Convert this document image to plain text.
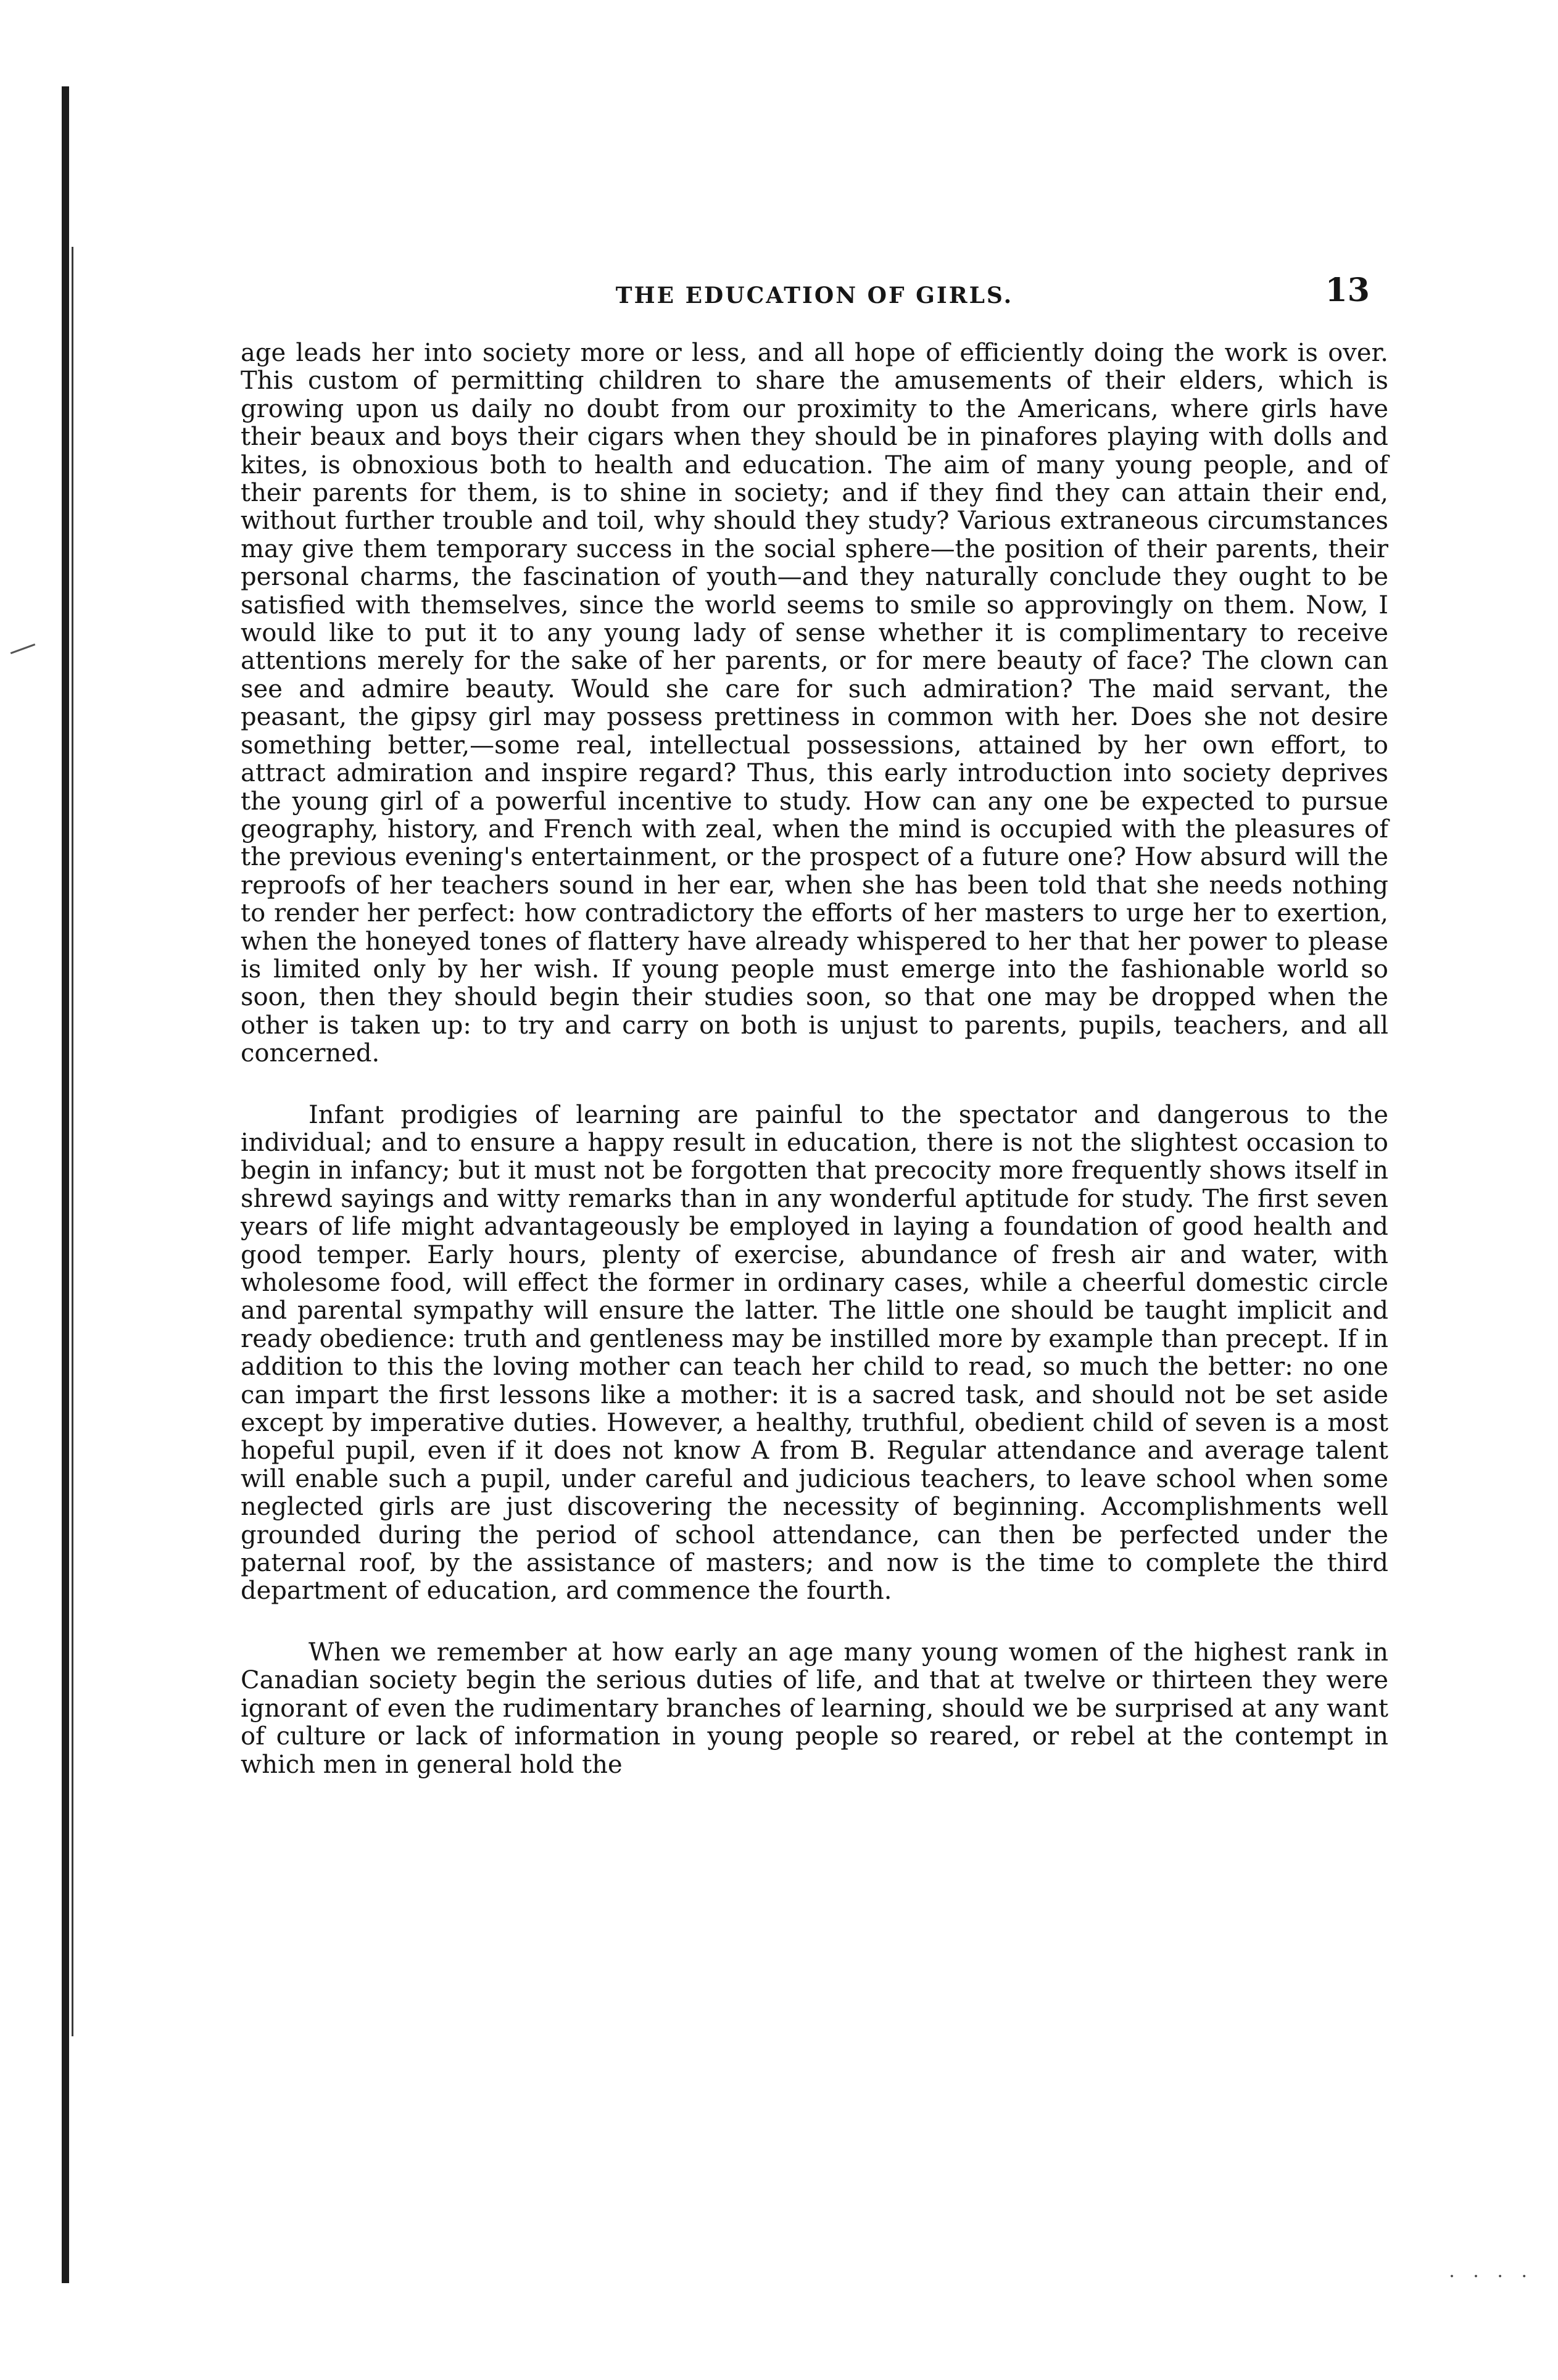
THE EDUCATION OF GIRLS.	13

age leads her into society more or less, and all hope of efficiently doing the work is over. This custom of permitting children to share the amusements of their elders, which is growing upon us daily no doubt from our proximity to the Americans, where girls have their beaux and boys their cigars when they should be in pinafores playing with dolls and kites, is obnoxious both to health and education. The aim of many young people, and of their parents for them, is to shine in society; and if they find they can attain their end, without further trouble and toil, why should they study? Various extraneous circumstances may give them temporary success in the social sphere—the position of their parents, their personal charms, the fascination of youth—and they naturally conclude they ought to be satisfied with themselves, since the world seems to smile so approvingly on them. Now, I would like to put it to any young lady of sense whether it is complimentary to receive attentions merely for the sake of her parents, or for mere beauty of face? The clown can see and admire beauty. Would she care for such admiration? The maid servant, the peasant, the gipsy girl may possess prettiness in common with her. Does she not desire something better,—some real, intellectual possessions, attained by her own effort, to attract admiration and inspire regard? Thus, this early introduction into society deprives the young girl of a powerful incentive to study. How can any one be expected to pursue geography, history, and French with zeal, when the mind is occupied with the pleasures of the previous evening's entertainment, or the prospect of a future one? How absurd will the reproofs of her teachers sound in her ear, when she has been told that she needs nothing to render her perfect: how contradictory the efforts of her masters to urge her to exertion, when the honeyed tones of flattery have already whispered to her that her power to please is limited only by her wish. If young people must emerge into the fashionable world so soon, then they should begin their studies soon, so that one may be dropped when the other is taken up: to try and carry on both is unjust to parents, pupils, teachers, and all concerned.

Infant prodigies of learning are painful to the spectator and dangerous to the individual; and to ensure a happy result in education, there is not the slightest occasion to begin in infancy; but it must not be forgotten that precocity more frequently shows itself in shrewd sayings and witty remarks than in any wonderful aptitude for study. The first seven years of life might advantageously be employed in laying a foundation of good health and good temper. Early hours, plenty of exercise, abundance of fresh air and water, with wholesome food, will effect the former in ordinary cases, while a cheerful domestic circle and parental sympathy will ensure the latter. The little one should be taught implicit and ready obedience: truth and gentleness may be instilled more by example than precept. If in addition to this the loving mother can teach her child to read, so much the better: no one can impart the first lessons like a mother: it is a sacred task, and should not be set aside except by imperative duties. However, a healthy, truthful, obedient child of seven is a most hopeful pupil, even if it does not know A from B. Regular attendance and average talent will enable such a pupil, under careful and judicious teachers, to leave school when some neglected girls are just discovering the necessity of beginning. Accomplishments well grounded during the period of school attendance, can then be perfected under the paternal roof, by the assistance of masters; and now is the time to complete the third department of education, ard commence the fourth.

When we remember at how early an age many young women of the highest rank in Canadian society begin the serious duties of life, and that at twelve or thirteen they were ignorant of even the rudimentary branches of learning, should we be surprised at any want of culture or lack of information in young people so reared, or rebel at the contempt in which men in general hold the

· · · ·
